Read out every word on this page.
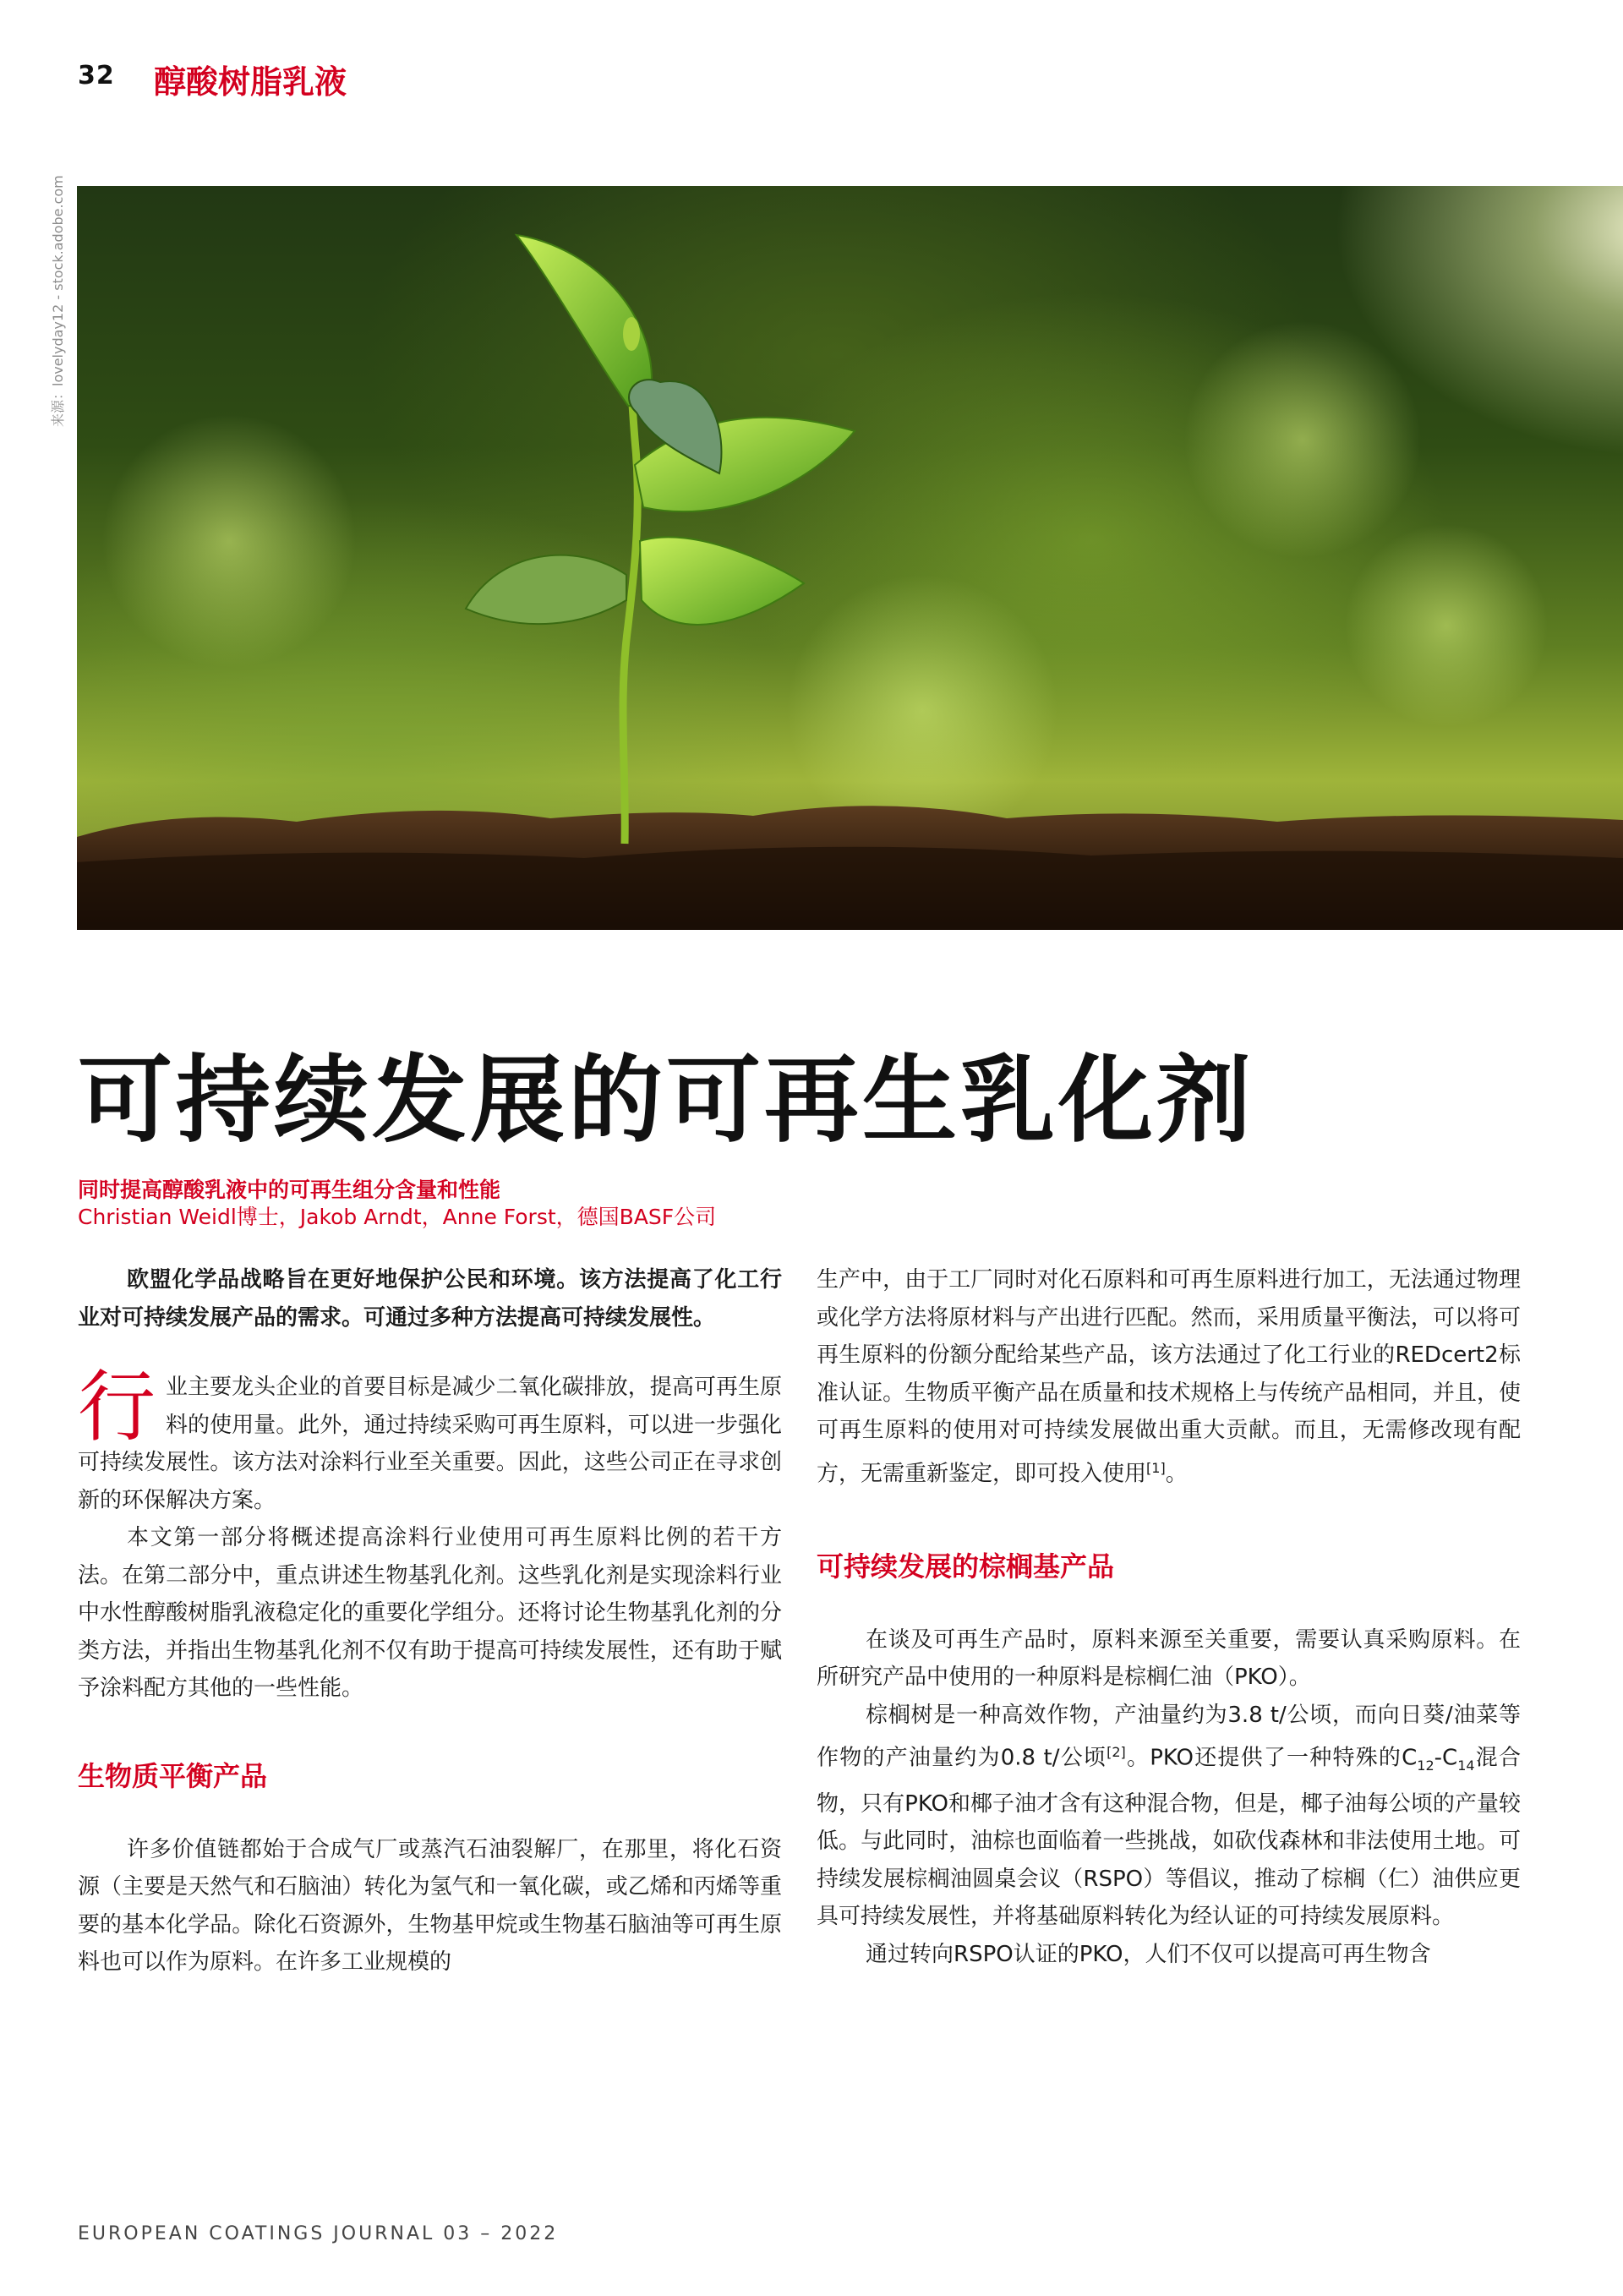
32 醇酸树脂乳液
来源：lovelyday12 - stock.adobe.com
可持续发展的可再生乳化剂
同时提高醇酸乳液中的可再生组分含量和性能
Christian Weidl博士，Jakob Arndt，Anne Forst，德国BASF公司

欧盟化学品战略旨在更好地保护公民和环境。该方法提高了化工行业对可持续发展产品的需求。可通过多种方法提高可持续发展性。

行业主要龙头企业的首要目标是减少二氧化碳排放，提高可再生原料的使用量。此外，通过持续采购可再生原料，可以进一步强化可持续发展性。该方法对涂料行业至关重要。因此，这些公司正在寻求创新的环保解决方案。

本文第一部分将概述提高涂料行业使用可再生原料比例的若干方法。在第二部分中，重点讲述生物基乳化剂。这些乳化剂是实现涂料行业中水性醇酸树脂乳液稳定化的重要化学组分。还将讨论生物基乳化剂的分类方法，并指出生物基乳化剂不仅有助于提高可持续发展性，还有助于赋予涂料配方其他的一些性能。

生物质平衡产品

许多价值链都始于合成气厂或蒸汽石油裂解厂，在那里，将化石资源（主要是天然气和石脑油）转化为氢气和一氧化碳，或乙烯和丙烯等重要的基本化学品。除化石资源外，生物基甲烷或生物基石脑油等可再生原料也可以作为原料。在许多工业规模的

生产中，由于工厂同时对化石原料和可再生原料进行加工，无法通过物理或化学方法将原材料与产出进行匹配。然而，采用质量平衡法，可以将可再生原料的份额分配给某些产品，该方法通过了化工行业的REDcert2标准认证。生物质平衡产品在质量和技术规格上与传统产品相同，并且，使可再生原料的使用对可持续发展做出重大贡献。而且，无需修改现有配方，无需重新鉴定，即可投入使用[1]。

可持续发展的棕榈基产品

在谈及可再生产品时，原料来源至关重要，需要认真采购原料。在所研究产品中使用的一种原料是棕榈仁油（PKO）。

棕榈树是一种高效作物，产油量约为3.8 t/公顷，而向日葵/油菜等作物的产油量约为0.8 t/公顷[2]。PKO还提供了一种特殊的$C_{12}-C_{14}$混合物，只有PKO和椰子油才含有这种混合物，但是，椰子油每公顷的产量较低。与此同时，油棕也面临着一些挑战，如砍伐森林和非法使用土地。可持续发展棕榈油圆桌会议（RSPO）等倡议，推动了棕榈（仁）油供应更具可持续发展性，并将基础原料转化为经认证的可持续发展原料。

通过转向RSPO认证的PKO，人们不仅可以提高可再生物含

EUROPEAN COATINGS JOURNAL 03 – 2022
